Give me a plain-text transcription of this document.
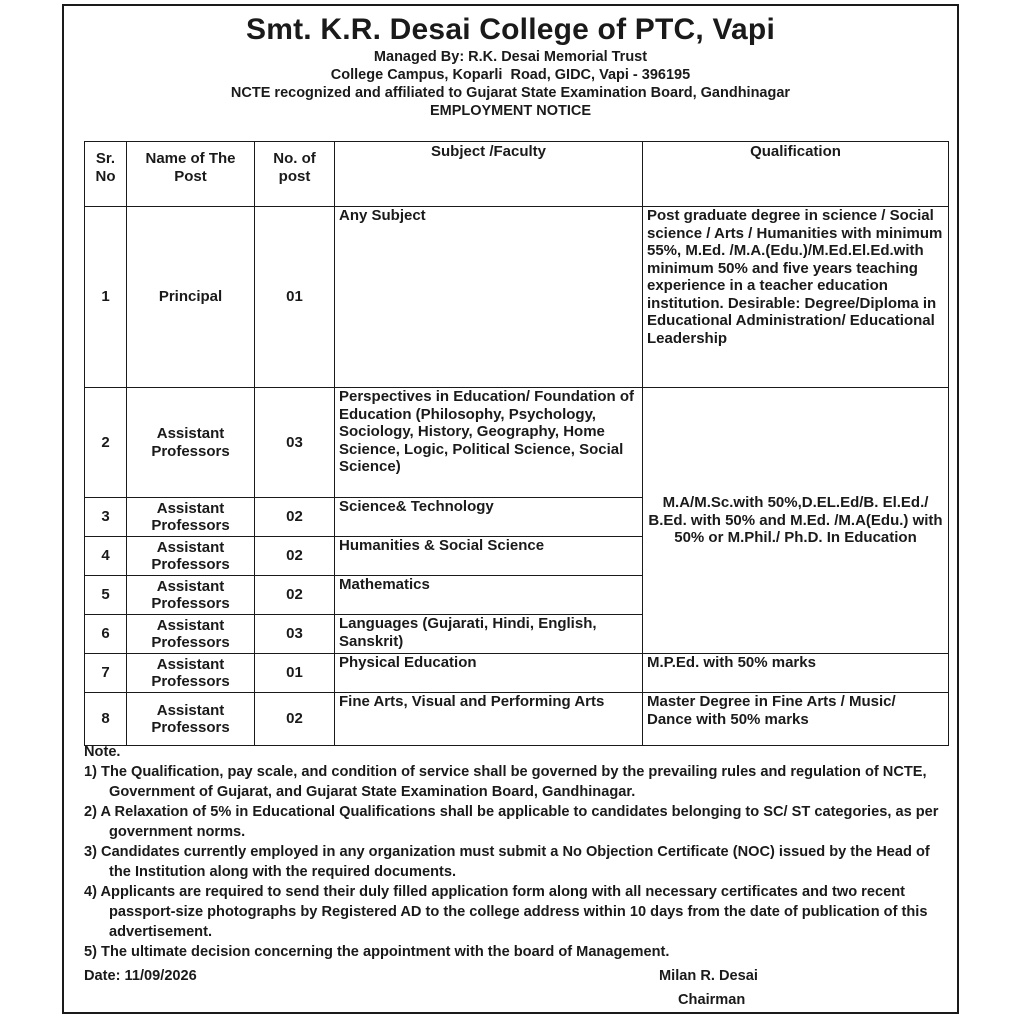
Smt. K.R. Desai College of PTC, Vapi
Managed By: R.K. Desai Memorial Trust
College Campus, Koparli  Road, GIDC, Vapi - 396195
NCTE recognized and affiliated to Gujarat State Examination Board, Gandhinagar
EMPLOYMENT NOTICE
Sr. No	Name of The Post	No. of post	Subject /Faculty	Qualification
1	Principal	01	Any Subject	Post graduate degree in science / Social science / Arts / Humanities with minimum 55%, M.Ed. /M.A.(Edu.)/M.Ed.El.Ed.with minimum 50% and five years teaching experience in a teacher education institution. Desirable: Degree/Diploma in Educational Administration/ Educational Leadership
2	Assistant Professors	03	Perspectives in Education/ Foundation of Education (Philosophy, Psychology, Sociology, History, Geography, Home Science, Logic, Political Science, Social Science)	M.A/M.Sc.with 50%,D.EL.Ed/B. El.Ed./ B.Ed. with 50% and M.Ed. /M.A(Edu.) with 50% or M.Phil./ Ph.D. In Education
3	Assistant Professors	02	Science& Technology	
4	Assistant Professors	02	Humanities & Social Science	
5	Assistant Professors	02	Mathematics	
6	Assistant Professors	03	Languages (Gujarati, Hindi, English, Sanskrit)	
7	Assistant Professors	01	Physical Education	M.P.Ed. with 50% marks
8	Assistant Professors	02	Fine Arts, Visual and Performing Arts	Master Degree in Fine Arts / Music/ Dance with 50% marks
Note.
1) The Qualification, pay scale, and condition of service shall be governed by the prevailing rules and regulation of NCTE, Government of Gujarat, and Gujarat State Examination Board, Gandhinagar.
2) A Relaxation of 5% in Educational Qualifications shall be applicable to candidates belonging to SC/ ST categories, as per government norms.
3) Candidates currently employed in any organization must submit a No Objection Certificate (NOC) issued by the Head of the Institution along with the required documents.
4) Applicants are required to send their duly filled application form along with all necessary certificates and two recent passport-size photographs by Registered AD to the college address within 10 days from the date of publication of this advertisement.
5) The ultimate decision concerning the appointment with the board of Management.
Date: 11/09/2026	Milan R. Desai
Chairman
